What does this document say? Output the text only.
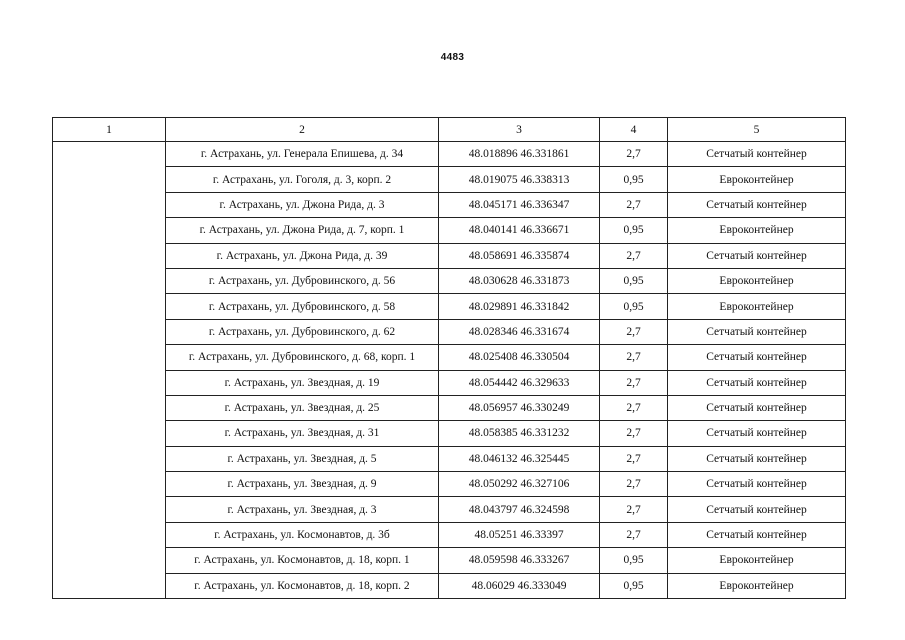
4483
1	2	3	4	5
	г. Астрахань, ул. Генерала Епишева, д. 34	48.018896 46.331861	2,7	Сетчатый контейнер
	г. Астрахань, ул. Гоголя, д. 3, корп. 2	48.019075 46.338313	0,95	Евроконтейнер
	г. Астрахань, ул. Джона Рида, д. 3	48.045171 46.336347	2,7	Сетчатый контейнер
	г. Астрахань, ул. Джона Рида, д. 7, корп. 1	48.040141 46.336671	0,95	Евроконтейнер
	г. Астрахань, ул. Джона Рида, д. 39	48.058691 46.335874	2,7	Сетчатый контейнер
	г. Астрахань, ул. Дубровинского, д. 56	48.030628 46.331873	0,95	Евроконтейнер
	г. Астрахань, ул. Дубровинского, д. 58	48.029891 46.331842	0,95	Евроконтейнер
	г. Астрахань, ул. Дубровинского, д. 62	48.028346 46.331674	2,7	Сетчатый контейнер
	г. Астрахань, ул. Дубровинского, д. 68, корп. 1	48.025408 46.330504	2,7	Сетчатый контейнер
	г. Астрахань, ул. Звездная, д. 19	48.054442 46.329633	2,7	Сетчатый контейнер
	г. Астрахань, ул. Звездная, д. 25	48.056957 46.330249	2,7	Сетчатый контейнер
	г. Астрахань, ул. Звездная, д. 31	48.058385 46.331232	2,7	Сетчатый контейнер
	г. Астрахань, ул. Звездная, д. 5	48.046132 46.325445	2,7	Сетчатый контейнер
	г. Астрахань, ул. Звездная, д. 9	48.050292 46.327106	2,7	Сетчатый контейнер
	г. Астрахань, ул. Звездная, д. 3	48.043797 46.324598	2,7	Сетчатый контейнер
	г. Астрахань, ул. Космонавтов, д. 3б	48.05251 46.33397	2,7	Сетчатый контейнер
	г. Астрахань, ул. Космонавтов, д. 18, корп. 1	48.059598 46.333267	0,95	Евроконтейнер
	г. Астрахань, ул. Космонавтов, д. 18, корп. 2	48.06029 46.333049	0,95	Евроконтейнер
